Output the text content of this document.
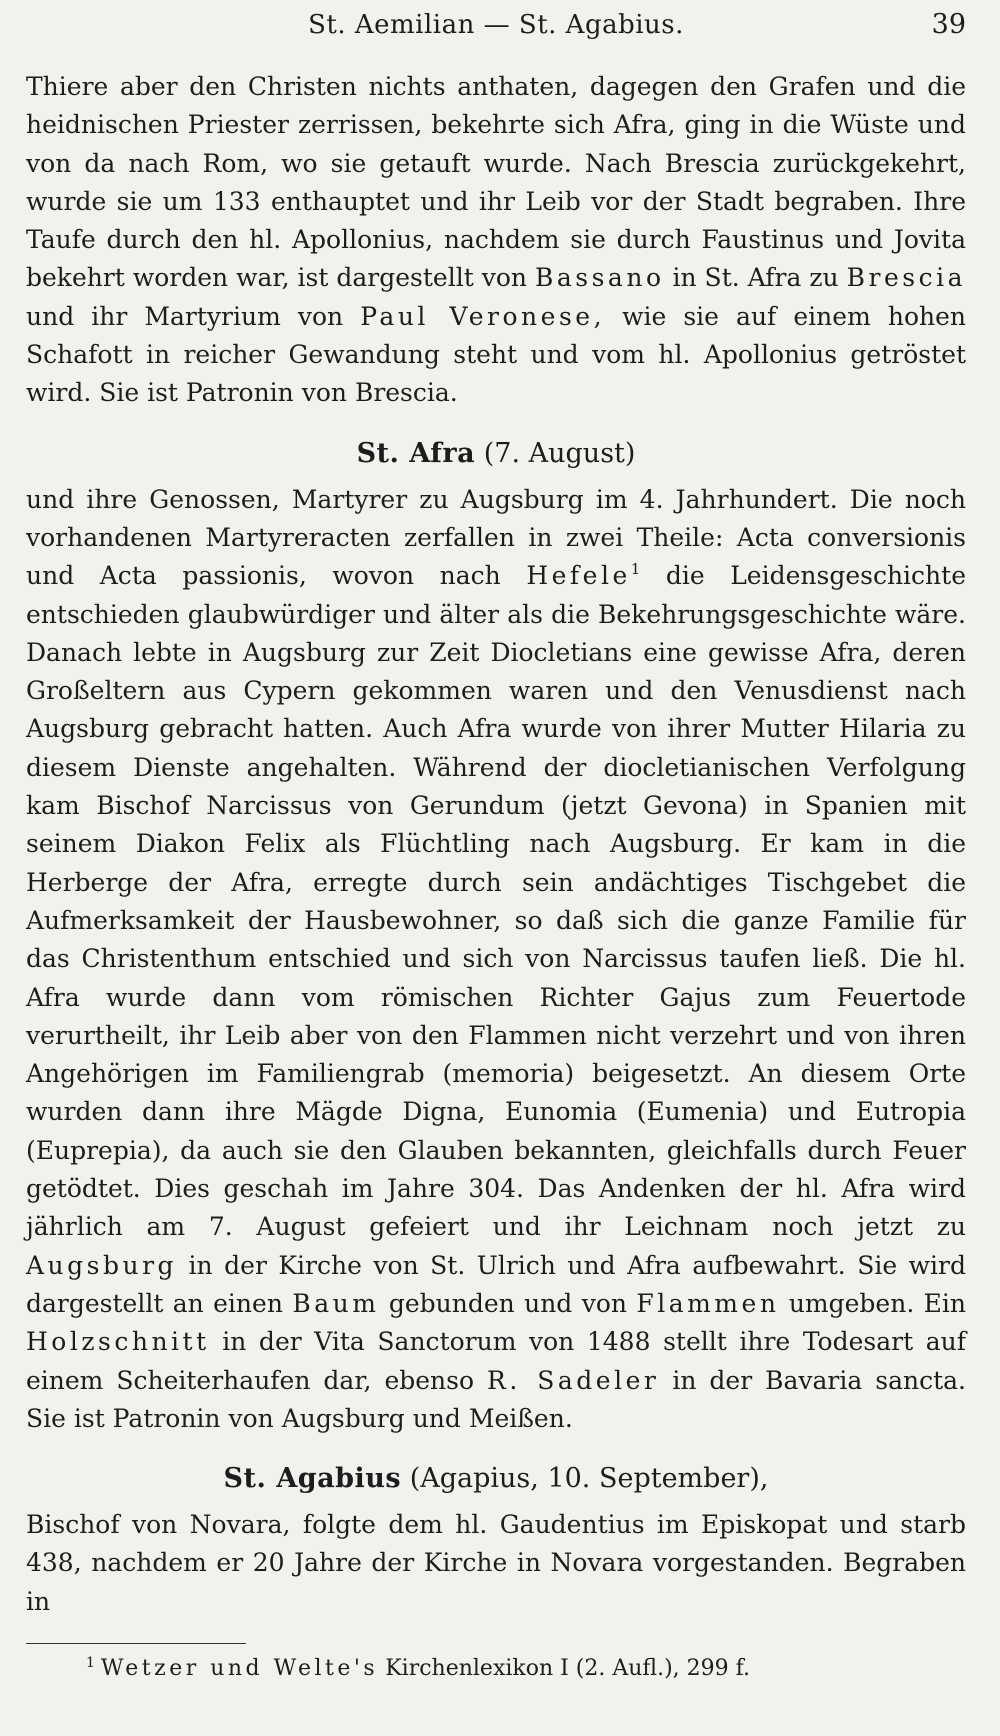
St. Aemilian — St. Agabius.	39

Thiere aber den Christen nichts anthaten, dagegen den Grafen und die heidnischen Priester zerrissen, bekehrte sich Afra, ging in die Wüste und von da nach Rom, wo sie getauft wurde. Nach Brescia zurückgekehrt, wurde sie um 133 enthauptet und ihr Leib vor der Stadt begraben. Ihre Taufe durch den hl. Apollonius, nachdem sie durch Faustinus und Jovita bekehrt worden war, ist dargestellt von Bassano in St. Afra zu Brescia und ihr Martyrium von Paul Veronese, wie sie auf einem hohen Schafott in reicher Gewandung steht und vom hl. Apollonius getröstet wird. Sie ist Patronin von Brescia.

St. Afra (7. August)

und ihre Genossen, Martyrer zu Augsburg im 4. Jahrhundert. Die noch vorhandenen Martyreracten zerfallen in zwei Theile: Acta conversionis und Acta passionis, wovon nach Hefele$^1$ die Leidensgeschichte entschieden glaubwürdiger und älter als die Bekehrungsgeschichte wäre. Danach lebte in Augsburg zur Zeit Diocletians eine gewisse Afra, deren Großeltern aus Cypern gekommen waren und den Venusdienst nach Augsburg gebracht hatten. Auch Afra wurde von ihrer Mutter Hilaria zu diesem Dienste angehalten. Während der diocletianischen Verfolgung kam Bischof Narcissus von Gerundum (jetzt Gevona) in Spanien mit seinem Diakon Felix als Flüchtling nach Augsburg. Er kam in die Herberge der Afra, erregte durch sein andächtiges Tischgebet die Aufmerksamkeit der Hausbewohner, so daß sich die ganze Familie für das Christenthum entschied und sich von Narcissus taufen ließ. Die hl. Afra wurde dann vom römischen Richter Gajus zum Feuertode verurtheilt, ihr Leib aber von den Flammen nicht verzehrt und von ihren Angehörigen im Familiengrab (memoria) beigesetzt. An diesem Orte wurden dann ihre Mägde Digna, Eunomia (Eumenia) und Eutropia (Euprepia), da auch sie den Glauben bekannten, gleichfalls durch Feuer getödtet. Dies geschah im Jahre 304. Das Andenken der hl. Afra wird jährlich am 7. August gefeiert und ihr Leichnam noch jetzt zu Augsburg in der Kirche von St. Ulrich und Afra aufbewahrt. Sie wird dargestellt an einen Baum gebunden und von Flammen umgeben. Ein Holzschnitt in der Vita Sanctorum von 1488 stellt ihre Todesart auf einem Scheiterhaufen dar, ebenso R. Sadeler in der Bavaria sancta. Sie ist Patronin von Augsburg und Meißen.

St. Agabius (Agapius, 10. September),

Bischof von Novara, folgte dem hl. Gaudentius im Episkopat und starb 438, nachdem er 20 Jahre der Kirche in Novara vorgestanden. Begraben in

$^1$ Wetzer und Welte's Kirchenlexikon I (2. Aufl.), 299 f.
